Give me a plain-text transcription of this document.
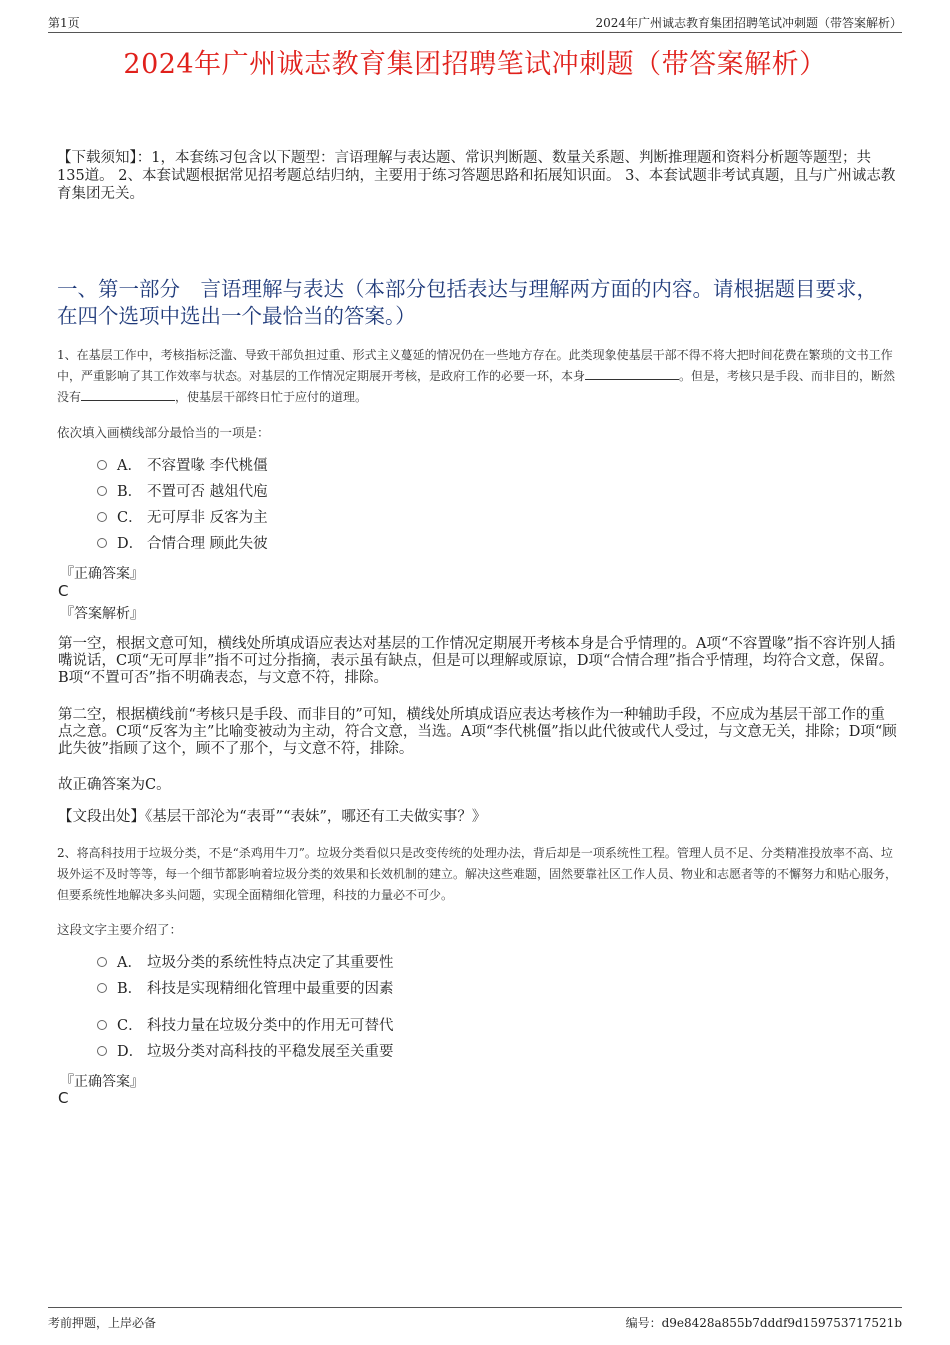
第1页	2024年广州诚志教育集团招聘笔试冲刺题（带答案解析）
2024年广州诚志教育集团招聘笔试冲刺题（带答案解析）
【下载须知】：1，本套练习包含以下题型：言语理解与表达题、常识判断题、数量关系题、判断推理题和资料分析题等题型；共135道。 2、本套试题根据常见招考题总结归纳，主要用于练习答题思路和拓展知识面。 3、本套试题非考试真题，且与广州诚志教育集团无关。
一、第一部分　言语理解与表达（本部分包括表达与理解两方面的内容。请根据题目要求，在四个选项中选出一个最恰当的答案。）
1、在基层工作中，考核指标泛滥、导致干部负担过重、形式主义蔓延的情况仍在一些地方存在。此类现象使基层干部不得不将大把时间花费在繁琐的文书工作中，严重影响了其工作效率与状态。对基层的工作情况定期展开考核，是政府工作的必要一环，本身	。但是，考核只是手段、而非目的，断然没有	，使基层干部终日忙于应付的道理。
依次填入画横线部分最恰当的一项是：
A． 不容置喙 李代桃僵
B． 不置可否 越俎代庖
C． 无可厚非 反客为主
D． 合情合理 顾此失彼
『正确答案』
C
『答案解析』
第一空，根据文意可知，横线处所填成语应表达对基层的工作情况定期展开考核本身是合乎情理的。A项“不容置喙”指不容许别人插嘴说话，C项“无可厚非”指不可过分指摘，表示虽有缺点，但是可以理解或原谅，D项“合情合理”指合乎情理，均符合文意，保留。B项“不置可否”指不明确表态，与文意不符，排除。
第二空，根据横线前“考核只是手段、而非目的”可知，横线处所填成语应表达考核作为一种辅助手段，不应成为基层干部工作的重点之意。C项“反客为主”比喻变被动为主动，符合文意，当选。A项“李代桃僵”指以此代彼或代人受过，与文意无关，排除；D项“顾此失彼”指顾了这个，顾不了那个，与文意不符，排除。
故正确答案为C。
【文段出处】《基层干部沦为“表哥”“表妹”，哪还有工夫做实事？》
2、将高科技用于垃圾分类，不是“杀鸡用牛刀”。垃圾分类看似只是改变传统的处理办法，背后却是一项系统性工程。管理人员不足、分类精准投放率不高、垃圾外运不及时等等，每一个细节都影响着垃圾分类的效果和长效机制的建立。解决这些难题，固然要靠社区工作人员、物业和志愿者等的不懈努力和贴心服务，但要系统性地解决多头问题，实现全面精细化管理，科技的力量必不可少。
这段文字主要介绍了：
A． 垃圾分类的系统性特点决定了其重要性
B． 科技是实现精细化管理中最重要的因素
C． 科技力量在垃圾分类中的作用无可替代
D． 垃圾分类对高科技的平稳发展至关重要
『正确答案』
C
考前押题，上岸必备	编号：d9e8428a855b7dddf9d159753717521b
